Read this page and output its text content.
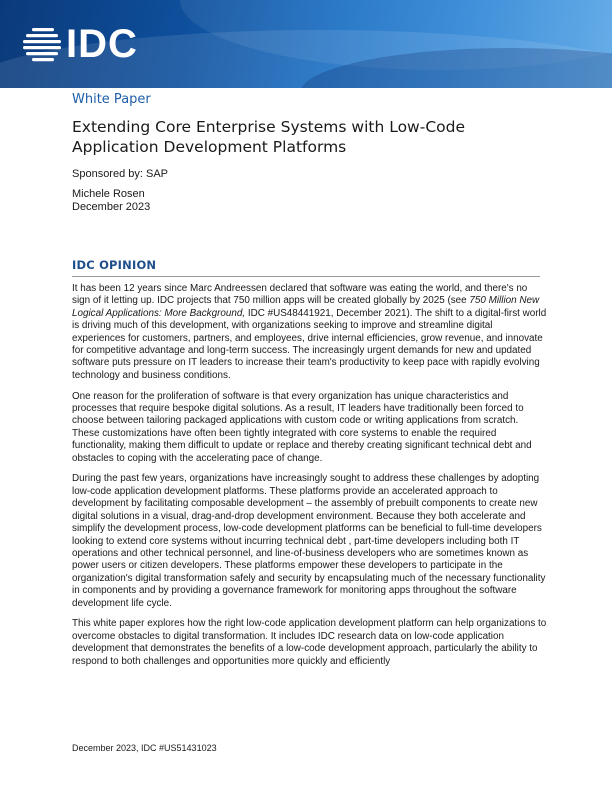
IDC
White Paper
Extending Core Enterprise Systems with Low-Code Application Development Platforms
Sponsored by: SAP
Michele Rosen
December 2023
IDC OPINION

It has been 12 years since Marc Andreessen declared that software was eating the world, and there's no sign of it letting up. IDC projects that 750 million apps will be created globally by 2025 (see 750 Million New Logical Applications: More Background, IDC #US48441921, December 2021). The shift to a digital-first world is driving much of this development, with organizations seeking to improve and streamline digital experiences for customers, partners, and employees, drive internal efficiencies, grow revenue, and innovate for competitive advantage and long-term success. The increasingly urgent demands for new and updated software puts pressure on IT leaders to increase their team's productivity to keep pace with rapidly evolving technology and business conditions.

One reason for the proliferation of software is that every organization has unique characteristics and processes that require bespoke digital solutions. As a result, IT leaders have traditionally been forced to choose between tailoring packaged applications with custom code or writing applications from scratch. These customizations have often been tightly integrated with core systems to enable the required functionality, making them difficult to update or replace and thereby creating significant technical debt and obstacles to coping with the accelerating pace of change.

During the past few years, organizations have increasingly sought to address these challenges by adopting low-code application development platforms. These platforms provide an accelerated approach to development by facilitating composable development – the assembly of prebuilt components to create new digital solutions in a visual, drag-and-drop development environment. Because they both accelerate and simplify the development process, low-code development platforms can be beneficial to full-time developers looking to extend core systems without incurring technical debt , part-time developers including both IT operations and other technical personnel, and line-of-business developers who are sometimes known as power users or citizen developers. These platforms empower these developers to participate in the organization's digital transformation safely and security by encapsulating much of the necessary functionality in components and by providing a governance framework for monitoring apps throughout the software development life cycle.

This white paper explores how the right low-code application development platform can help organizations to overcome obstacles to digital transformation. It includes IDC research data on low-code application development that demonstrates the benefits of a low-code development approach, particularly the ability to respond to both challenges and opportunities more quickly and efficiently

December 2023, IDC #US51431023
